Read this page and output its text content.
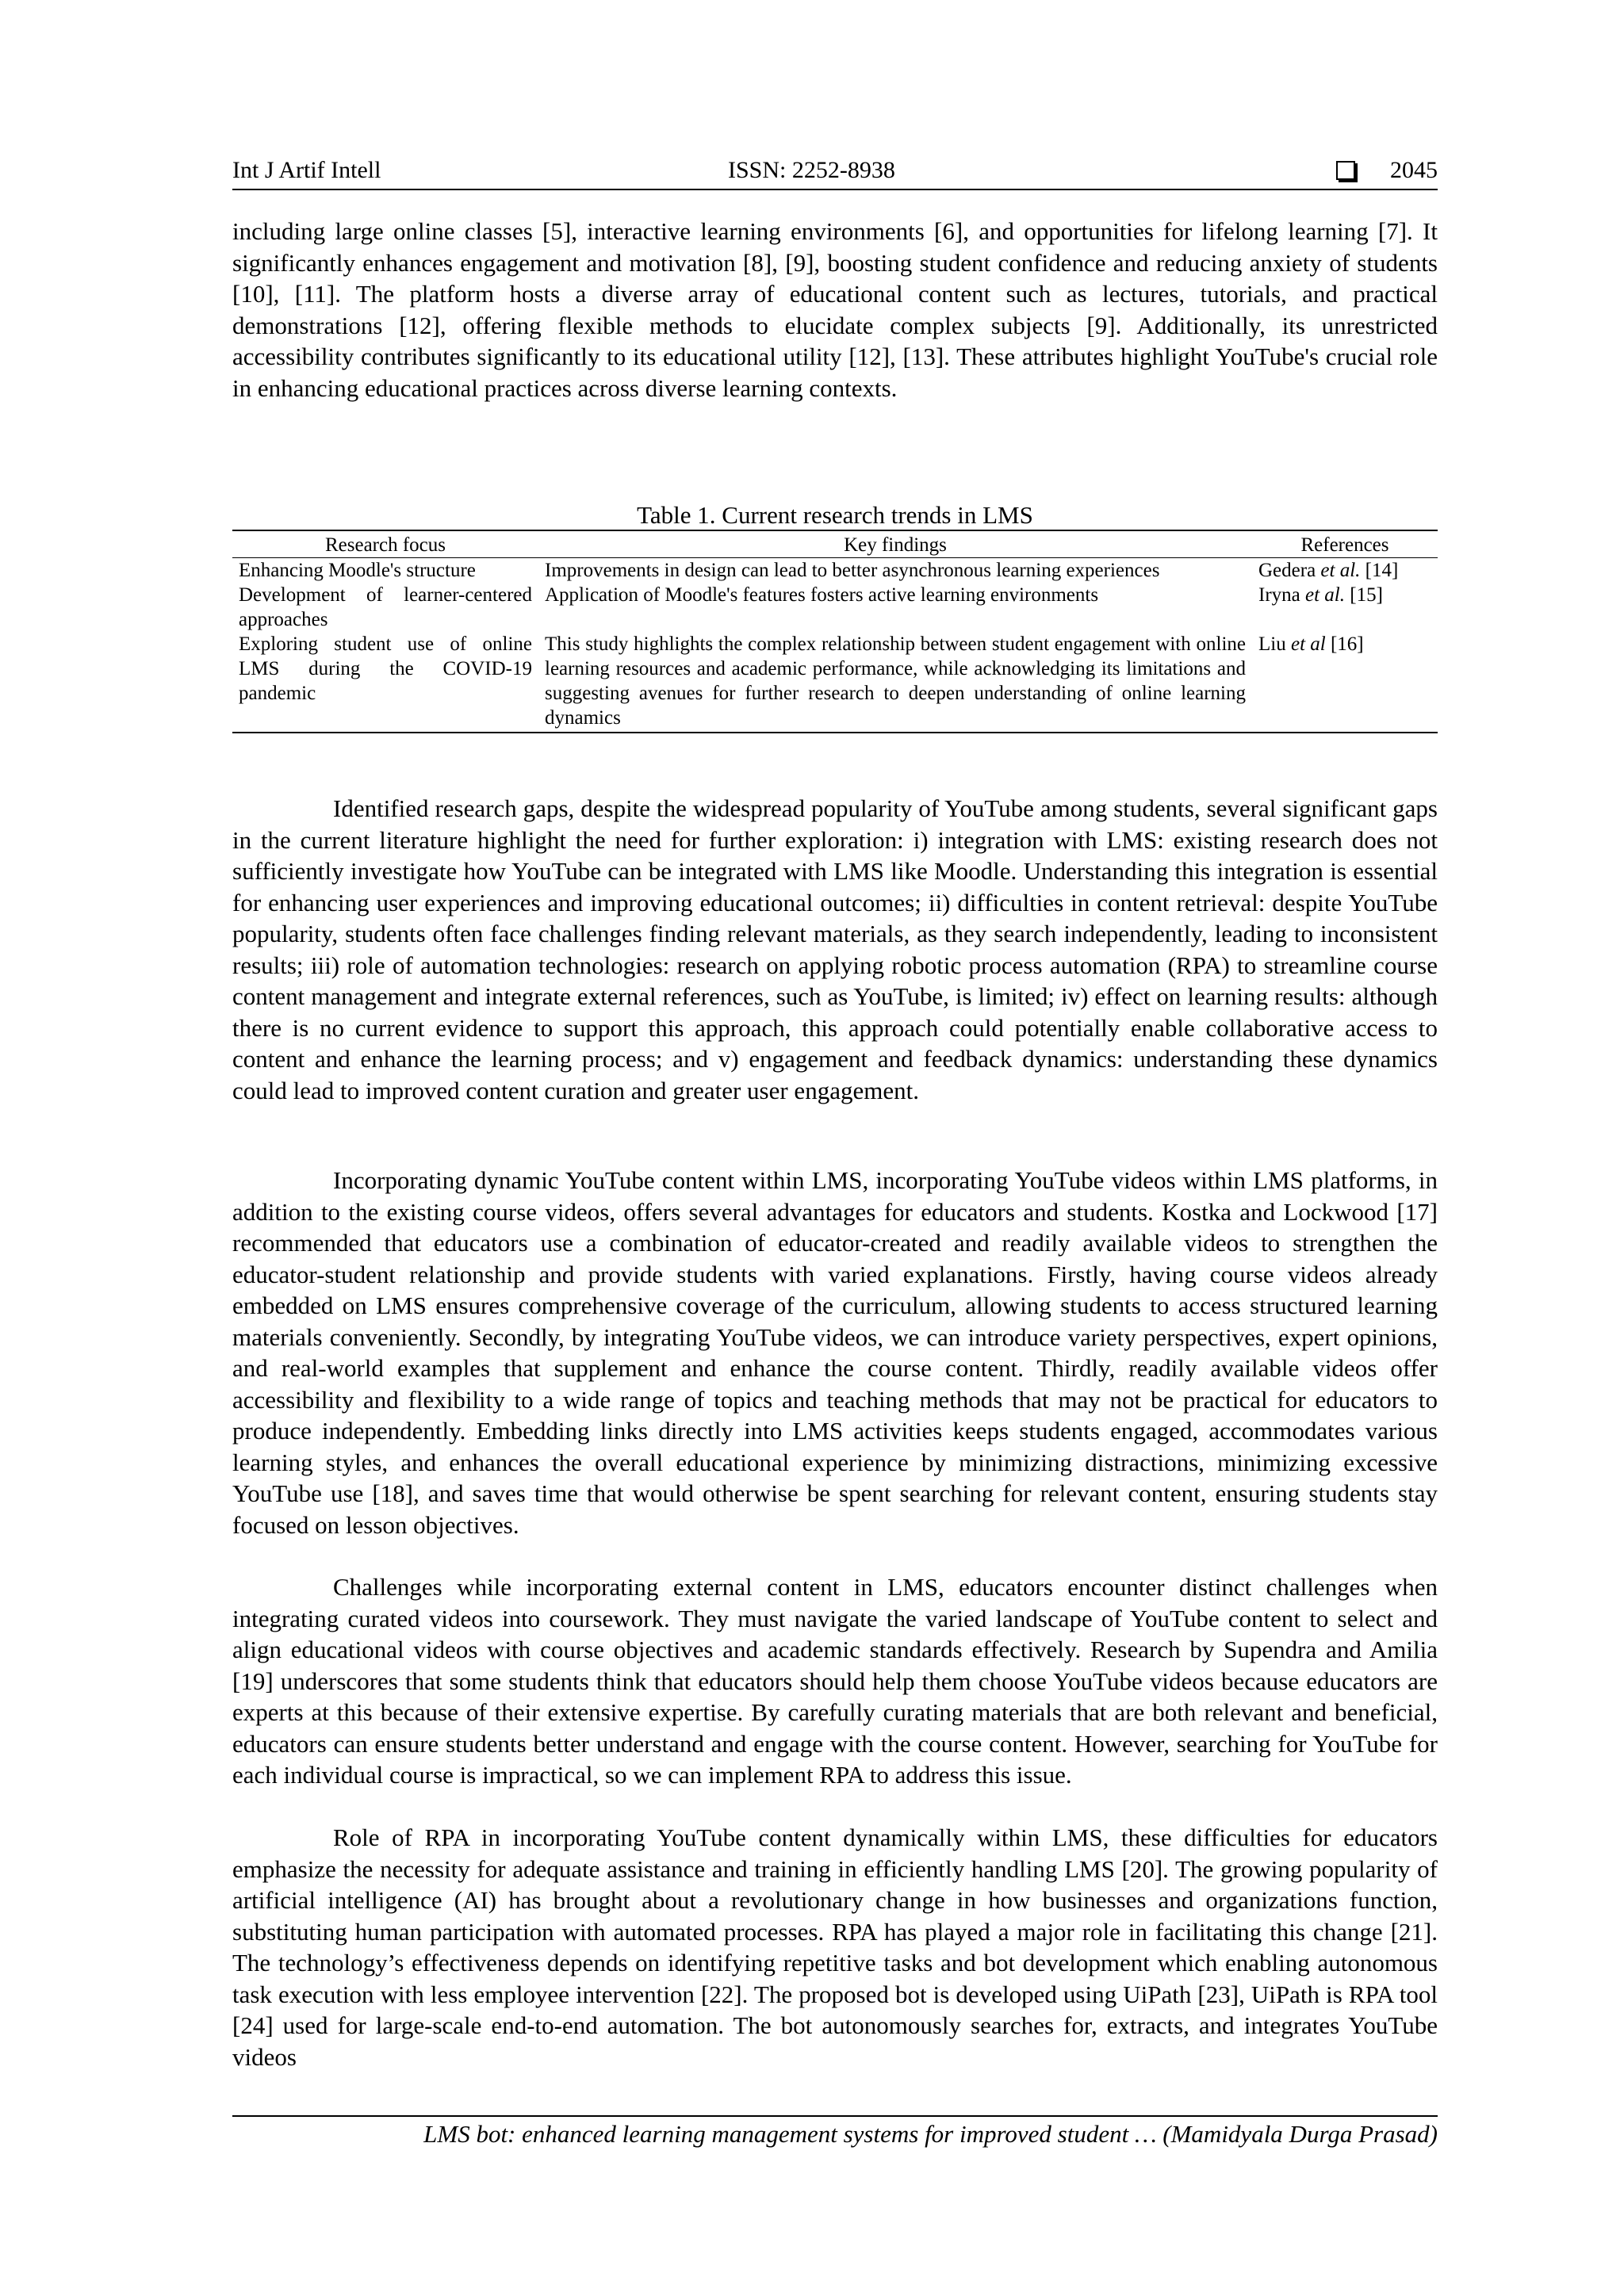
Int J Artif Intell	ISSN: 2252-8938	2045

including large online classes [5], interactive learning environments [6], and opportunities for lifelong learning [7]. It significantly enhances engagement and motivation [8], [9], boosting student confidence and reducing anxiety of students [10], [11]. The platform hosts a diverse array of educational content such as lectures, tutorials, and practical demonstrations [12], offering flexible methods to elucidate complex subjects [9]. Additionally, its unrestricted accessibility contributes significantly to its educational utility [12], [13]. These attributes highlight YouTube's crucial role in enhancing educational practices across diverse learning contexts.

Table 1. Current research trends in LMS
Research focus	Key findings	References
Enhancing Moodle's structure	Improvements in design can lead to better asynchronous learning experiences	Gedera et al. [14]
Development of learner-centered approaches	Application of Moodle's features fosters active learning environments	Iryna et al. [15]
Exploring student use of online LMS during the COVID-19 pandemic	This study highlights the complex relationship between student engagement with online learning resources and academic performance, while acknowledging its limitations and suggesting avenues for further research to deepen understanding of online learning dynamics	Liu et al [16]

Identified research gaps, despite the widespread popularity of YouTube among students, several significant gaps in the current literature highlight the need for further exploration: i) integration with LMS: existing research does not sufficiently investigate how YouTube can be integrated with LMS like Moodle. Understanding this integration is essential for enhancing user experiences and improving educational outcomes; ii) difficulties in content retrieval: despite YouTube popularity, students often face challenges finding relevant materials, as they search independently, leading to inconsistent results; iii) role of automation technologies: research on applying robotic process automation (RPA) to streamline course content management and integrate external references, such as YouTube, is limited; iv) effect on learning results: although there is no current evidence to support this approach, this approach could potentially enable collaborative access to content and enhance the learning process; and v) engagement and feedback dynamics: understanding these dynamics could lead to improved content curation and greater user engagement.

Incorporating dynamic YouTube content within LMS, incorporating YouTube videos within LMS platforms, in addition to the existing course videos, offers several advantages for educators and students. Kostka and Lockwood [17] recommended that educators use a combination of educator-created and readily available videos to strengthen the educator-student relationship and provide students with varied explanations. Firstly, having course videos already embedded on LMS ensures comprehensive coverage of the curriculum, allowing students to access structured learning materials conveniently. Secondly, by integrating YouTube videos, we can introduce variety perspectives, expert opinions, and real-world examples that supplement and enhance the course content. Thirdly, readily available videos offer accessibility and flexibility to a wide range of topics and teaching methods that may not be practical for educators to produce independently. Embedding links directly into LMS activities keeps students engaged, accommodates various learning styles, and enhances the overall educational experience by minimizing distractions, minimizing excessive YouTube use [18], and saves time that would otherwise be spent searching for relevant content, ensuring students stay focused on lesson objectives.

Challenges while incorporating external content in LMS, educators encounter distinct challenges when integrating curated videos into coursework. They must navigate the varied landscape of YouTube content to select and align educational videos with course objectives and academic standards effectively. Research by Supendra and Amilia [19] underscores that some students think that educators should help them choose YouTube videos because educators are experts at this because of their extensive expertise. By carefully curating materials that are both relevant and beneficial, educators can ensure students better understand and engage with the course content. However, searching for YouTube for each individual course is impractical, so we can implement RPA to address this issue.

Role of RPA in incorporating YouTube content dynamically within LMS, these difficulties for educators emphasize the necessity for adequate assistance and training in efficiently handling LMS [20]. The growing popularity of artificial intelligence (AI) has brought about a revolutionary change in how businesses and organizations function, substituting human participation with automated processes. RPA has played a major role in facilitating this change [21]. The technology’s effectiveness depends on identifying repetitive tasks and bot development which enabling autonomous task execution with less employee intervention [22]. The proposed bot is developed using UiPath [23], UiPath is RPA tool [24] used for large-scale end-to-end automation. The bot autonomously searches for, extracts, and integrates YouTube videos

LMS bot: enhanced learning management systems for improved student … (Mamidyala Durga Prasad)
